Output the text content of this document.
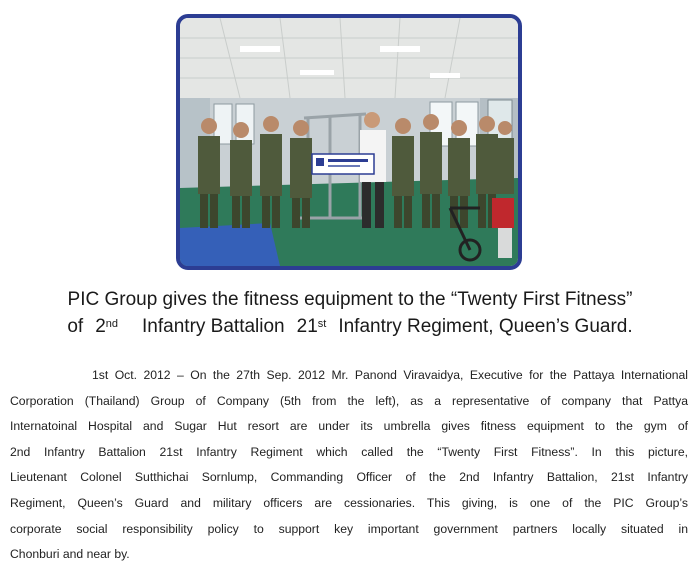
PIC Group gives the fitness equipment to the “Twenty First Fitness”
of 2nd Infantry Battalion 21st Infantry Regiment, Queen’s Guard.
1st Oct. 2012 – On the 27th Sep. 2012 Mr. Panond Viravaidya, Executive for the Pattaya International
Corporation (Thailand) Group of Company (5th from the left), as a representative of company that Pattya
Internatoinal Hospital and Sugar Hut resort are under its umbrella gives fitness equipment to the gym of
2nd Infantry Battalion 21st Infantry Regiment which called the “Twenty First Fitness”. In this picture,
Lieutenant Colonel Sutthichai Sornlump, Commanding Officer of the 2nd Infantry Battalion, 21st Infantry
Regiment, Queen’s Guard and military officers are cessionaries. This giving, is one of the PIC Group’s
corporate social responsibility policy to support key important government partners locally situated in
Chonburi and near by.
